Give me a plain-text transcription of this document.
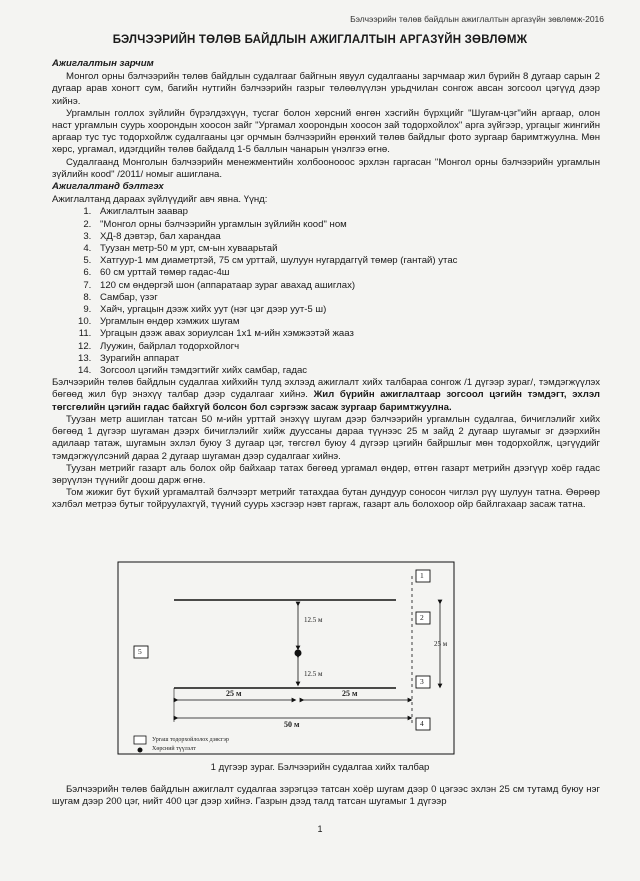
Бэлчээрийн төлөв байдлын ажиглалтын аргазүйн зөвлөмж-2016
БЭЛЧЭЭРИЙН ТӨЛӨВ БАЙДЛЫН АЖИГЛАЛТЫН АРГАЗҮЙН ЗӨВЛӨМЖ
Ажиглалтын зарчим

Монгол орны бэлчээрийн төлөв байдлын судалгааг байгнын явуул судалгааны зарчмаар жил бүрийн 8 дугаар сарын 2 дугаар арав хоногт сум, багийн нутгийн бэлчээрийн газрыг төлөөлүүлэн урьдчилан сонгож авсан зогсоол цэгүүд дээр хийнэ.

Ургамлын голлох зүйлийн бүрэлдэхүүн, тусгаг болон хөрсний өнгөн хэсгийн бүрхцийг "Шугам-цэг"ийн аргаар, олон наст ургамлын суурь хоорондын хоосон зайг "Ургамал хоорондын хоосон зай тодорхойлох" арга зүйгээр, ургацыг жингийн аргаар тус тус тодорхойлж судалгааны цэг орчмын бэлчээрийн ерөнхий төлөв байдлыг фото зургаар баримтжуулна. Мөн хөрс, ургамал, идэгдцийн төлөв байдалд 1-5 баллын чанарын үнэлгээ өгнө.

Судалгаанд Монголын бэлчээрийн менежментийн холбоонооос эрхлэн гаргасан "Монгол орны бэлчээрийн ургамлын зүйлийн кооd" /2011/ номыг ашиглана.

Ажиглалтанд бэлтгэх

Ажиглалтанд дараах зүйлүүдийг авч явна. Үүнд:

1. Ажиглалтын заавар
2. "Монгол орны бэлчээрийн ургамлын зүйлийн кооd" ном
3. ХД-8 дэвтэр, бал харандаа
4. Туузан метр-50 м урт, см-ын хуваарьтай
5. Хатгуур-1 мм диаметртэй, 75 см урттай, шулуун нугардаггүй төмөр (гантай) утас
6. 60 см урттай төмөр гадас-4ш
7. 120 см өндөргэй шон (аппаратаар зураг авахад ашиглах)
8. Самбар, үзэг
9. Хайч, ургацын дээж хийх уут (нэг цэг дээр уут-5 ш)
10. Ургамлын өндөр хэмжих шугам
11. Ургацын дээж авах зориулсан 1х1 м-ийн хэмжээтэй жааз
12. Луужин, байрлал тодорхойлогч
13. Зурагийн аппарат
14. Зогсоол цэгийн тэмдэгтийг хийх самбар, гадас

Бэлчээрийн төлөв байдлын судалгаа хийхийн тулд эхлээд ажиглалт хийх талбараа сонгож /1 дүгээр зураг/, тэмдэгжүүлэх бөгөөд жил бүр энэхүү талбар дээр судалгааг хийнэ. Жил бүрийн ажиглалтаар зогсоол цэгийн тэмдэгт, эхлэл төгсгөлийн цэгийн гадас байхгүй болсон бол сэргээж засаж зургаар баримтжуулна.

Туузан метр ашиглан татсан 50 м-ийн урттай энэхүү шугам дээр бэлчээрийн ургамлын судалгаа, бичиглэлийг хийх бөгөөд 1 дүгээр шугаман дээрх бичиглэлийг хийж дууссаны дараа түүнээс 25 м зайд 2 дугаар шугамыг эг дээрхийн адилаар татаж, шугамын эхлэл буюу 3 дугаар цэг, төгсгөл буюу 4 дүгээр цэгийн байршлыг мөн тодорхойлж, цэгүүдийг тэмдэгжүүлсэний дараа 2 дугаар шугаман дээр судалгааг хийнэ.

Туузан метрийг газарт аль болох ойр байхаар татах бөгөөд ургамал өндөр, өтгөн газарт метрийн дээгүүр хоёр гадас зөрүүлэн түүнийг доош дарж өгнө.

Том жижиг бут бүхий ургамалтай бэлчээрт метрийг татахдаа бутан дундуур соносон чиглэл рүү шулуун татна. Өөрөөр хэлбэл метрээ бутыг тойруулахгүй, түүний суурь хэсгээр нэвт гаргаж, газарт аль болохоор ойр байлгахаар засаж татна.

1
2
3
4
5
12.5 м
12.5 м
25 м
25 м	25 м
50 м
Ургаш тодорхойлолох дэвсгэр
Хөрсний түүлэлт
1 дүгээр зураг. Бэлчээрийн судалгаа хийх талбар
Бэлчээрийн төлөв байдлын ажиглалт судалгаа зэрэгцээ татсан хоёр шугам дээр 0 цэгээс эхлэн 25 см тутамд буюу нэг шугам дээр 200 цэг, нийт 400 цэг дээр хийнэ. Газрын дээд талд татсан шугамыг 1 дүгээр
1
